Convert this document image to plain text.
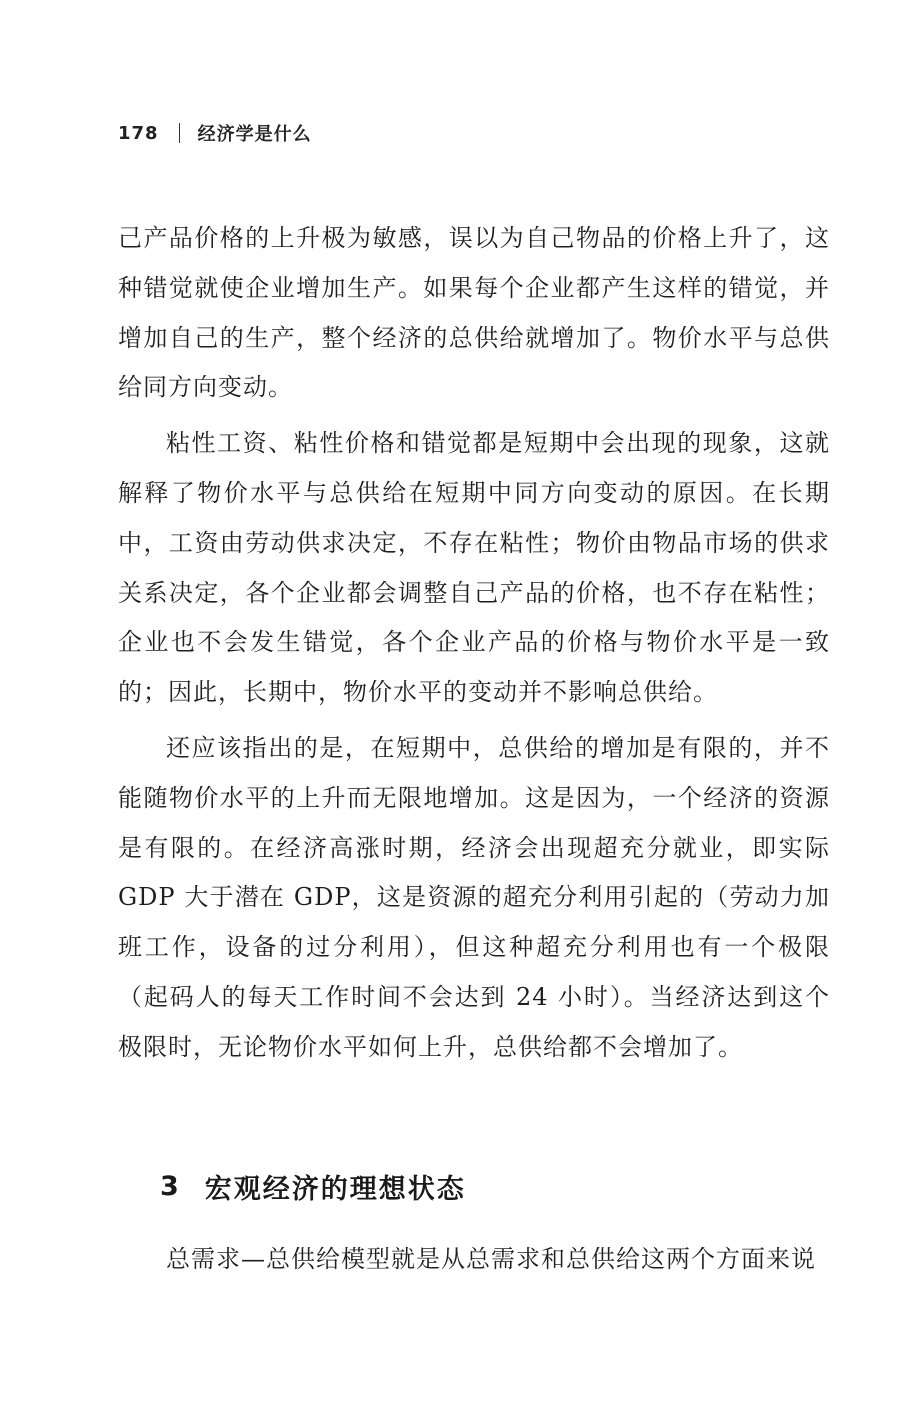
178 经济学是什么

己产品价格的上升极为敏感，误以为自己物品的价格上升了，这种错觉就使企业增加生产。如果每个企业都产生这样的错觉，并增加自己的生产，整个经济的总供给就增加了。物价水平与总供给同方向变动。

粘性工资、粘性价格和错觉都是短期中会出现的现象，这就解释了物价水平与总供给在短期中同方向变动的原因。在长期中，工资由劳动供求决定，不存在粘性；物价由物品市场的供求关系决定，各个企业都会调整自己产品的价格，也不存在粘性；企业也不会发生错觉，各个企业产品的价格与物价水平是一致的；因此，长期中，物价水平的变动并不影响总供给。

还应该指出的是，在短期中，总供给的增加是有限的，并不能随物价水平的上升而无限地增加。这是因为，一个经济的资源是有限的。在经济高涨时期，经济会出现超充分就业，即实际 GDP 大于潜在 GDP，这是资源的超充分利用引起的（劳动力加班工作，设备的过分利用），但这种超充分利用也有一个极限（起码人的每天工作时间不会达到 24 小时）。当经济达到这个极限时，无论物价水平如何上升，总供给都不会增加了。

3 宏观经济的理想状态

总需求—总供给模型就是从总需求和总供给这两个方面来说
